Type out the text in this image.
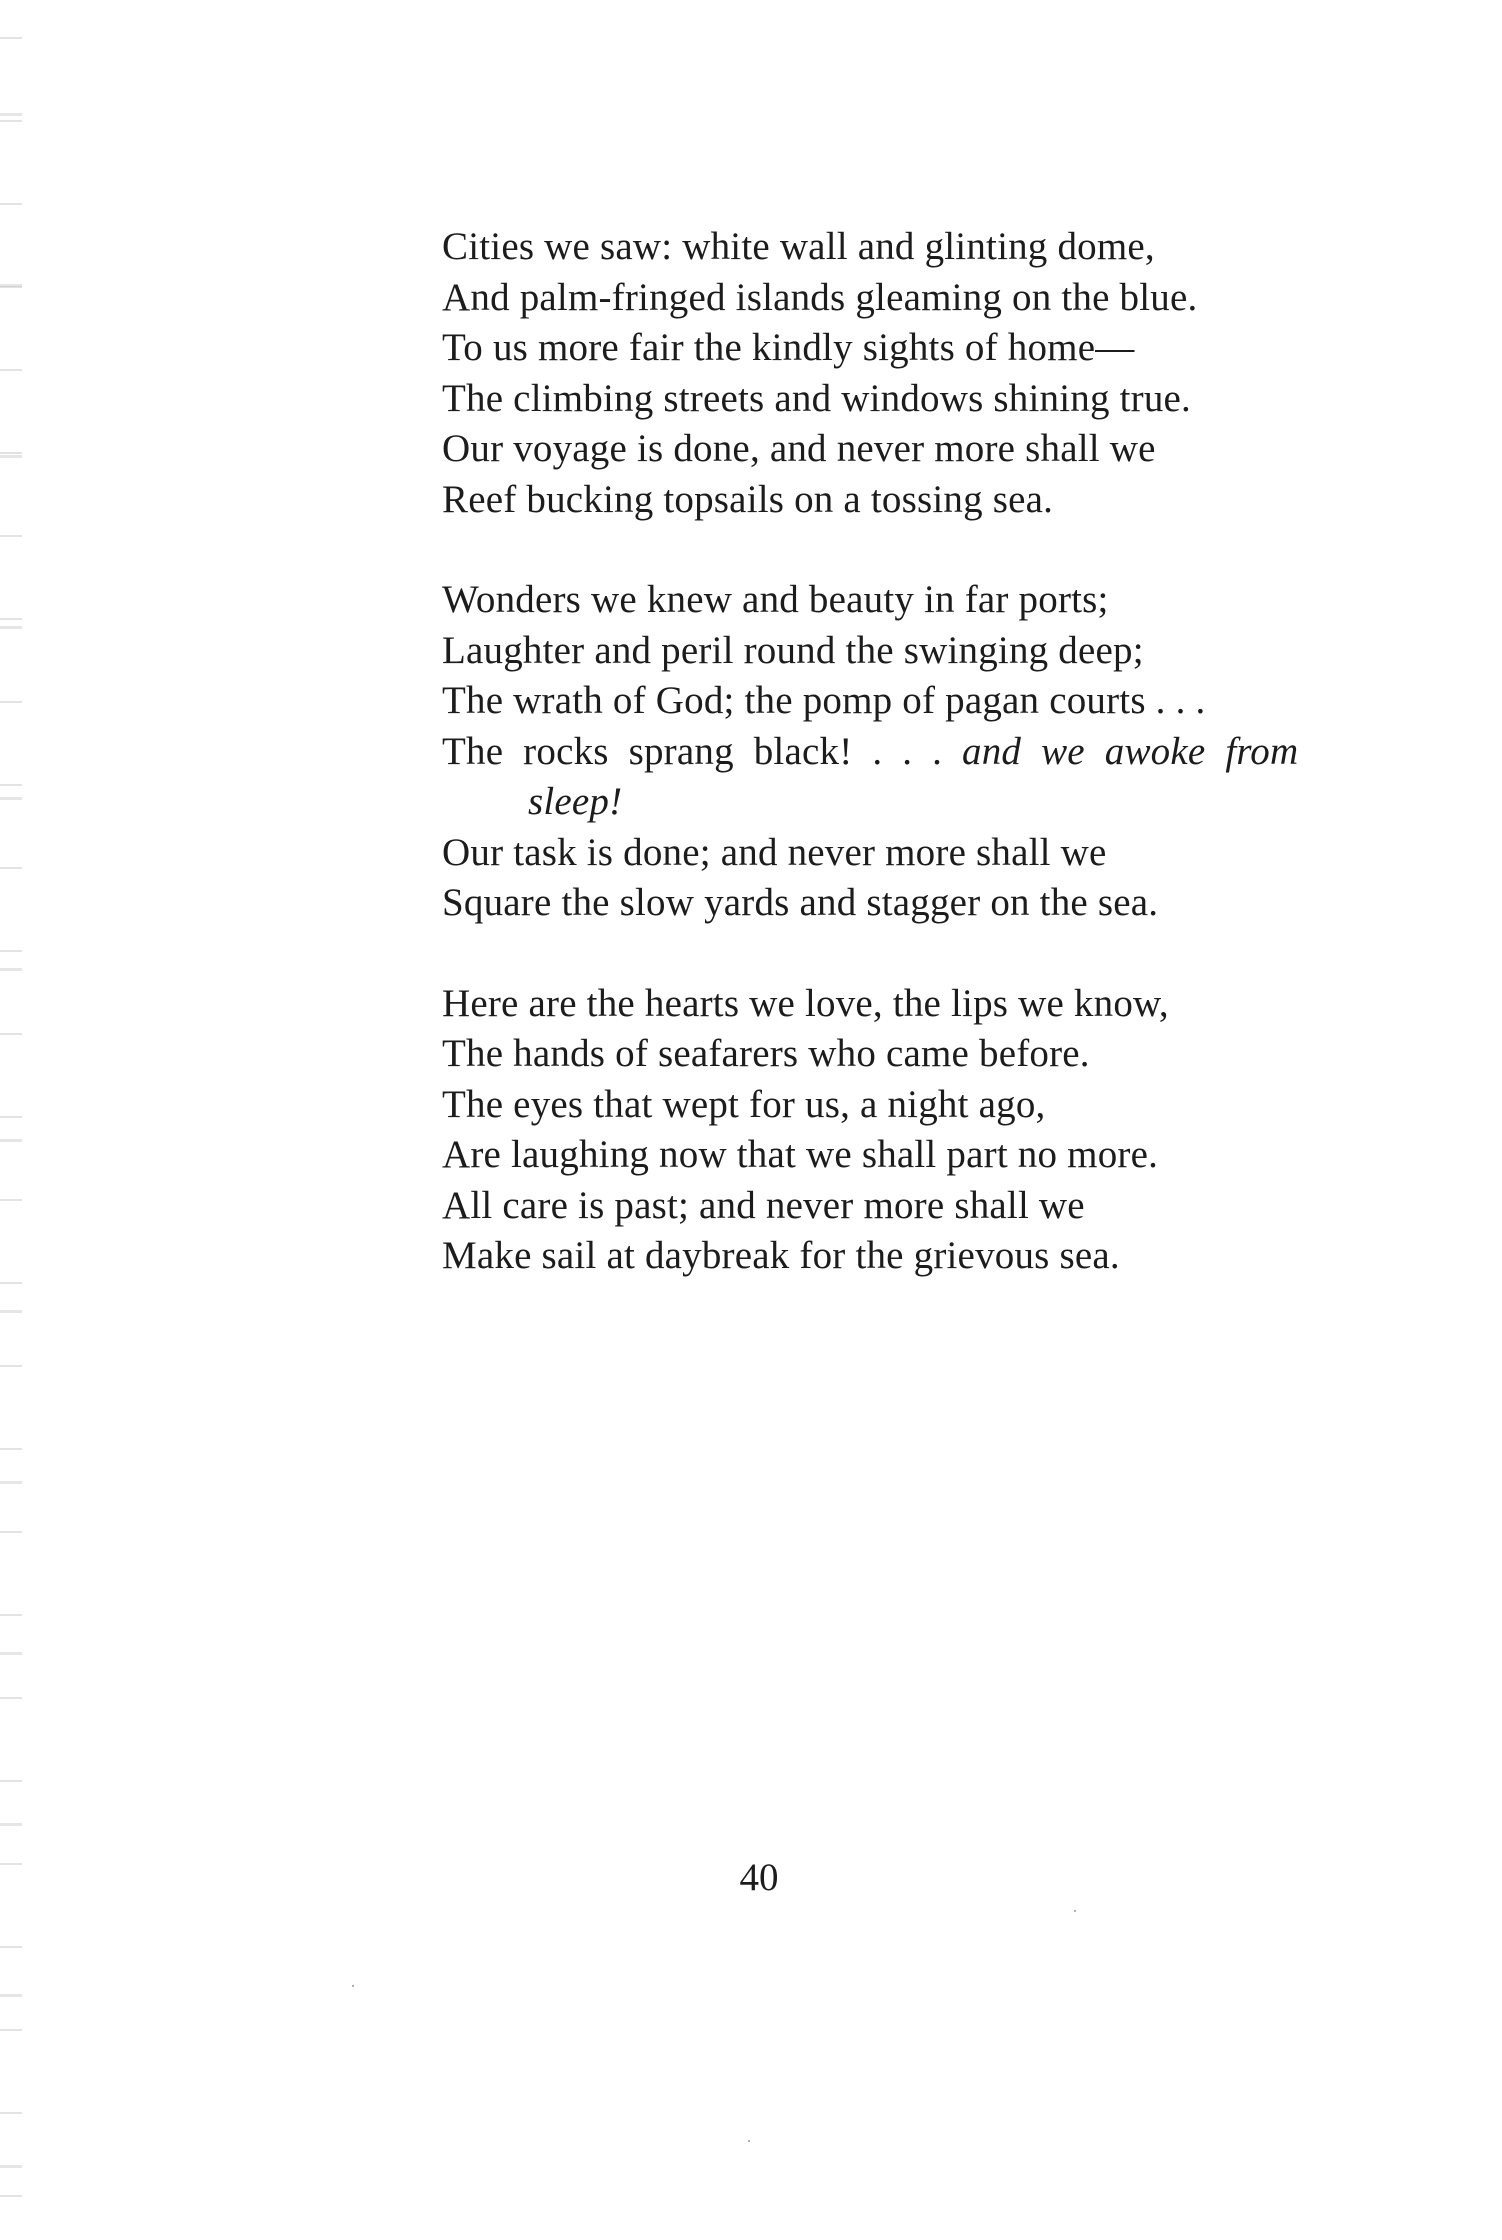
Cities we saw: white wall and glinting dome,
And palm-fringed islands gleaming on the blue.
To us more fair the kindly sights of home—
The climbing streets and windows shining true.
Our voyage is done, and never more shall we
Reef bucking topsails on a tossing sea.
Wonders we knew and beauty in far ports;
Laughter and peril round the swinging deep;
The wrath of God; the pomp of pagan courts . . .
The rocks sprang black! . . . and we awoke from
sleep!
Our task is done; and never more shall we
Square the slow yards and stagger on the sea.
Here are the hearts we love, the lips we know,
The hands of seafarers who came before.
The eyes that wept for us, a night ago,
Are laughing now that we shall part no more.
All care is past; and never more shall we
Make sail at daybreak for the grievous sea.
40
